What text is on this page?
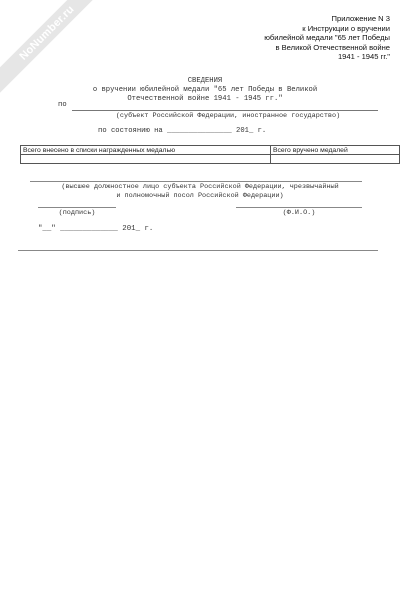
NoNumber.ru	Приложение N 3
к Инструкции о вручении
юбилейной медали "65 лет Победы
в Великой Отечественной войне
1941 - 1945 гг."
СВЕДЕНИЯ
о вручении юбилейной медали "65 лет Победы в Великой
Отечественной войне 1941 - 1945 гг."
по
(субъект Российской Федерации, иностранное государство)
по состоянию на _______________ 201_ г.
Всего внесено в списки награжденных медалью	Всего вручено медалей

(высшее должностное лицо субъекта Российской Федерации, чрезвычайный
и полномочный посол Российской Федерации)
(подпись)	(Ф.И.О.)
"__" _____________ 201_ г.
